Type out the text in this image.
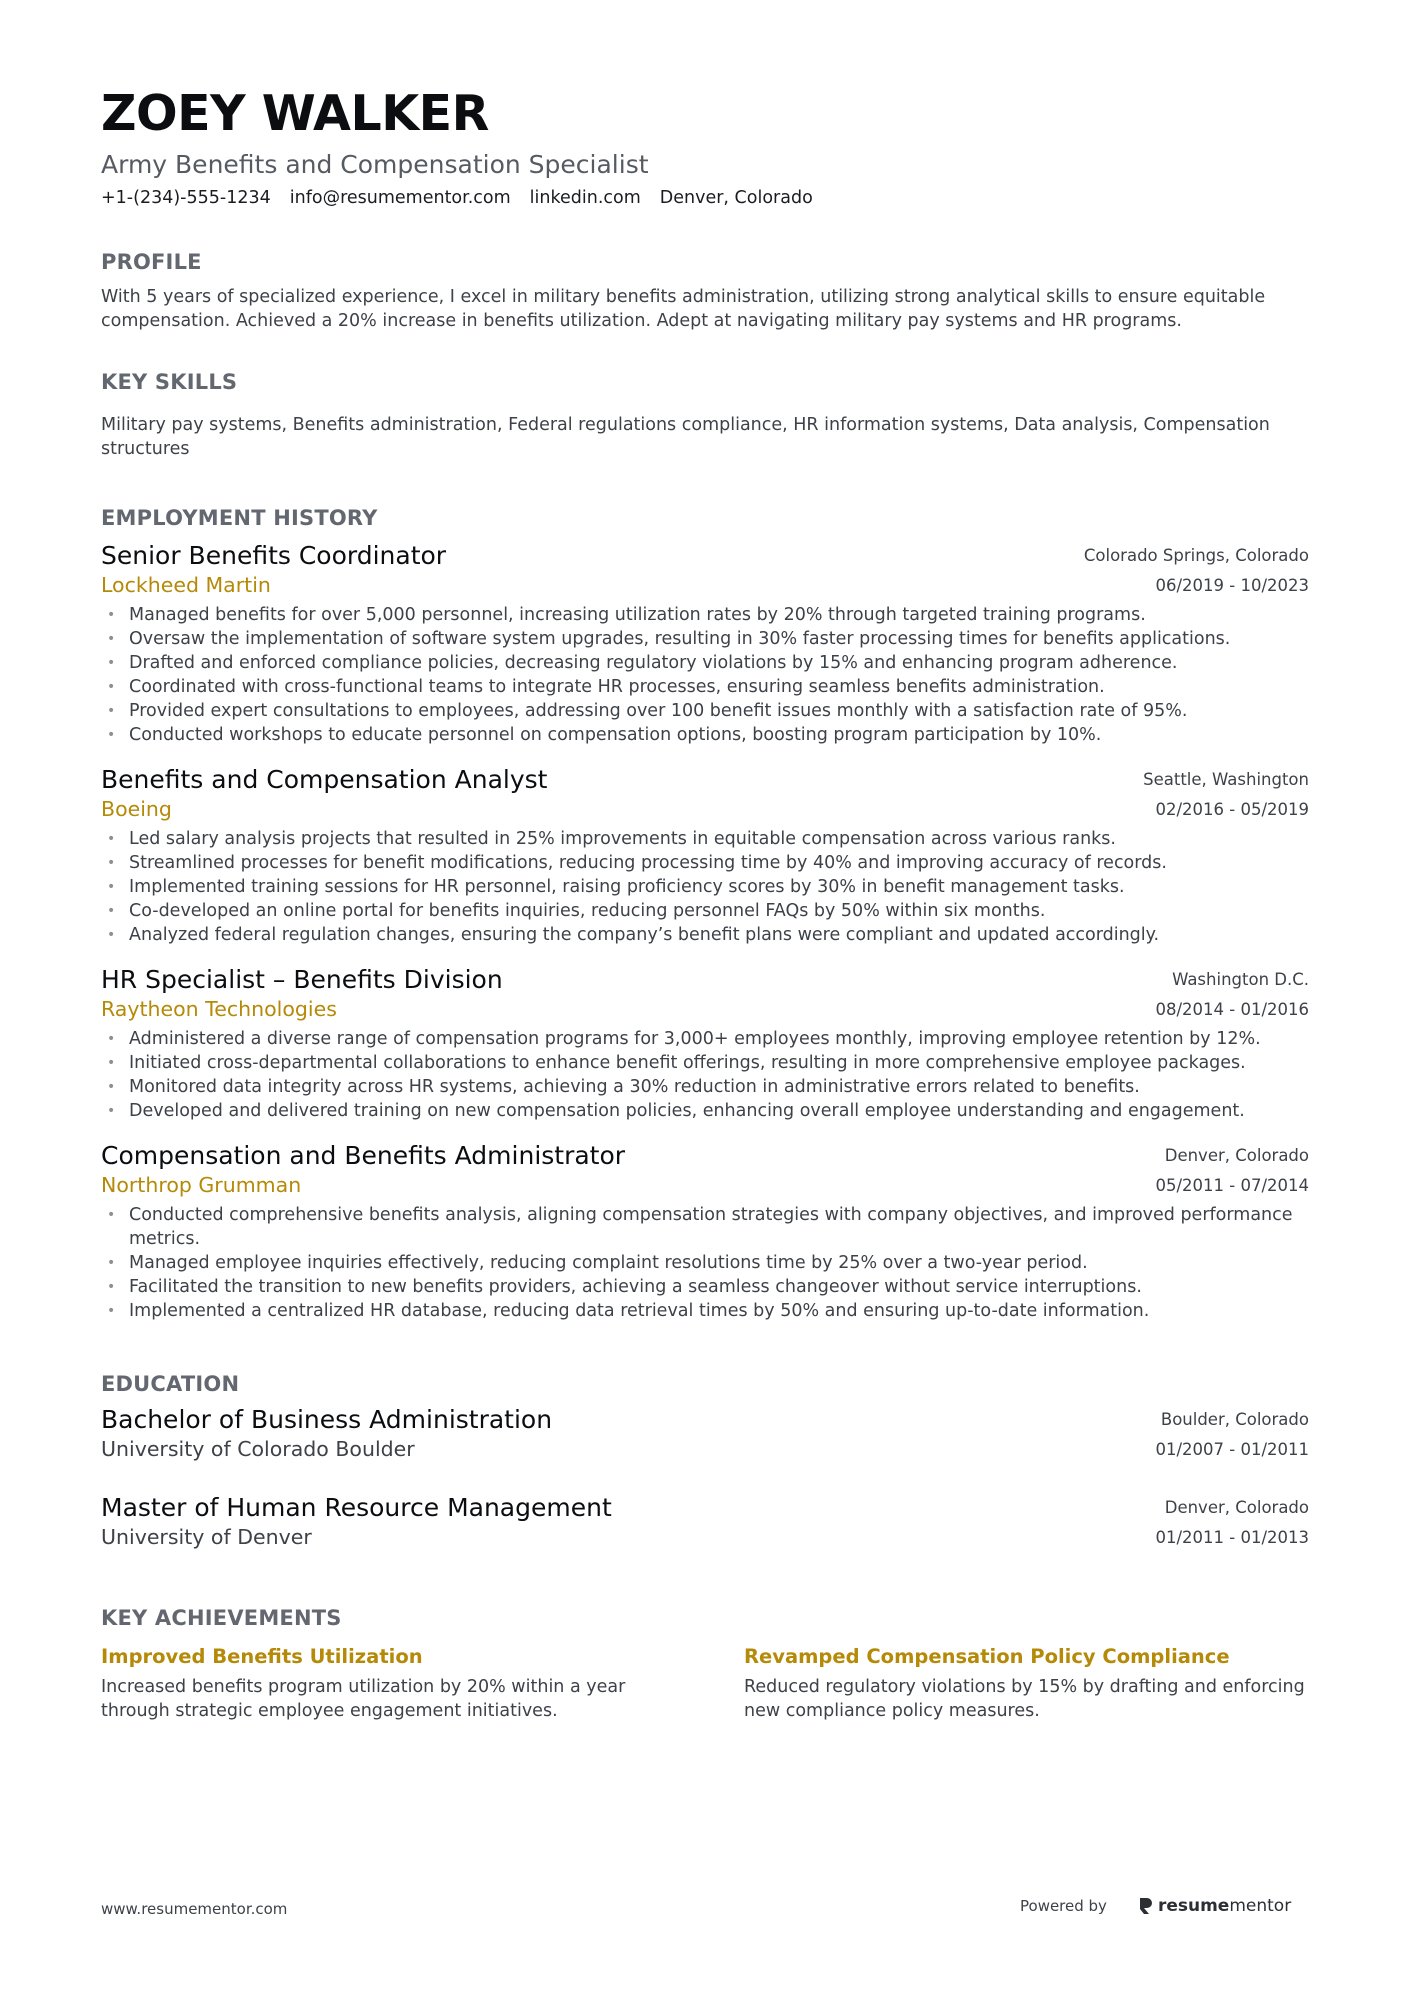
ZOEY WALKER
Army Benefits and Compensation Specialist
+1-(234)-555-1234 info@resumementor.com linkedin.com Denver, Colorado
PROFILE

With 5 years of specialized experience, I excel in military benefits administration, utilizing strong analytical skills to ensure equitable compensation. Achieved a 20% increase in benefits utilization. Adept at navigating military pay systems and HR programs.

KEY SKILLS

Military pay systems, Benefits administration, Federal regulations compliance, HR information systems, Data analysis, Compensation structures

EMPLOYMENT HISTORY
Senior Benefits Coordinator
Lockheed Martin
Colorado Springs, Colorado
06/2019 - 10/2023
• Managed benefits for over 5,000 personnel, increasing utilization rates by 20% through targeted training programs.
• Oversaw the implementation of software system upgrades, resulting in 30% faster processing times for benefits applications.
• Drafted and enforced compliance policies, decreasing regulatory violations by 15% and enhancing program adherence.
• Coordinated with cross-functional teams to integrate HR processes, ensuring seamless benefits administration.
• Provided expert consultations to employees, addressing over 100 benefit issues monthly with a satisfaction rate of 95%.
• Conducted workshops to educate personnel on compensation options, boosting program participation by 10%.
Benefits and Compensation Analyst
Boeing
Seattle, Washington
02/2016 - 05/2019
• Led salary analysis projects that resulted in 25% improvements in equitable compensation across various ranks.
• Streamlined processes for benefit modifications, reducing processing time by 40% and improving accuracy of records.
• Implemented training sessions for HR personnel, raising proficiency scores by 30% in benefit management tasks.
• Co-developed an online portal for benefits inquiries, reducing personnel FAQs by 50% within six months.
• Analyzed federal regulation changes, ensuring the company’s benefit plans were compliant and updated accordingly.
HR Specialist – Benefits Division
Raytheon Technologies
Washington D.C.
08/2014 - 01/2016
• Administered a diverse range of compensation programs for 3,000+ employees monthly, improving employee retention by 12%.
• Initiated cross-departmental collaborations to enhance benefit offerings, resulting in more comprehensive employee packages.
• Monitored data integrity across HR systems, achieving a 30% reduction in administrative errors related to benefits.
• Developed and delivered training on new compensation policies, enhancing overall employee understanding and engagement.
Compensation and Benefits Administrator
Northrop Grumman
Denver, Colorado
05/2011 - 07/2014
• Conducted comprehensive benefits analysis, aligning compensation strategies with company objectives, and improved performance metrics.
• Managed employee inquiries effectively, reducing complaint resolutions time by 25% over a two-year period.
• Facilitated the transition to new benefits providers, achieving a seamless changeover without service interruptions.
• Implemented a centralized HR database, reducing data retrieval times by 50% and ensuring up-to-date information.
EDUCATION
Bachelor of Business Administration
University of Colorado Boulder
Boulder, Colorado
01/2007 - 01/2011
Master of Human Resource Management
University of Denver
Denver, Colorado
01/2011 - 01/2013
KEY ACHIEVEMENTS
Improved Benefits Utilization

Increased benefits program utilization by 20% within a year through strategic employee engagement initiatives.

Revamped Compensation Policy Compliance

Reduced regulatory violations by 15% by drafting and enforcing new compliance policy measures.

www.resumementor.com	Powered by	resumementor
